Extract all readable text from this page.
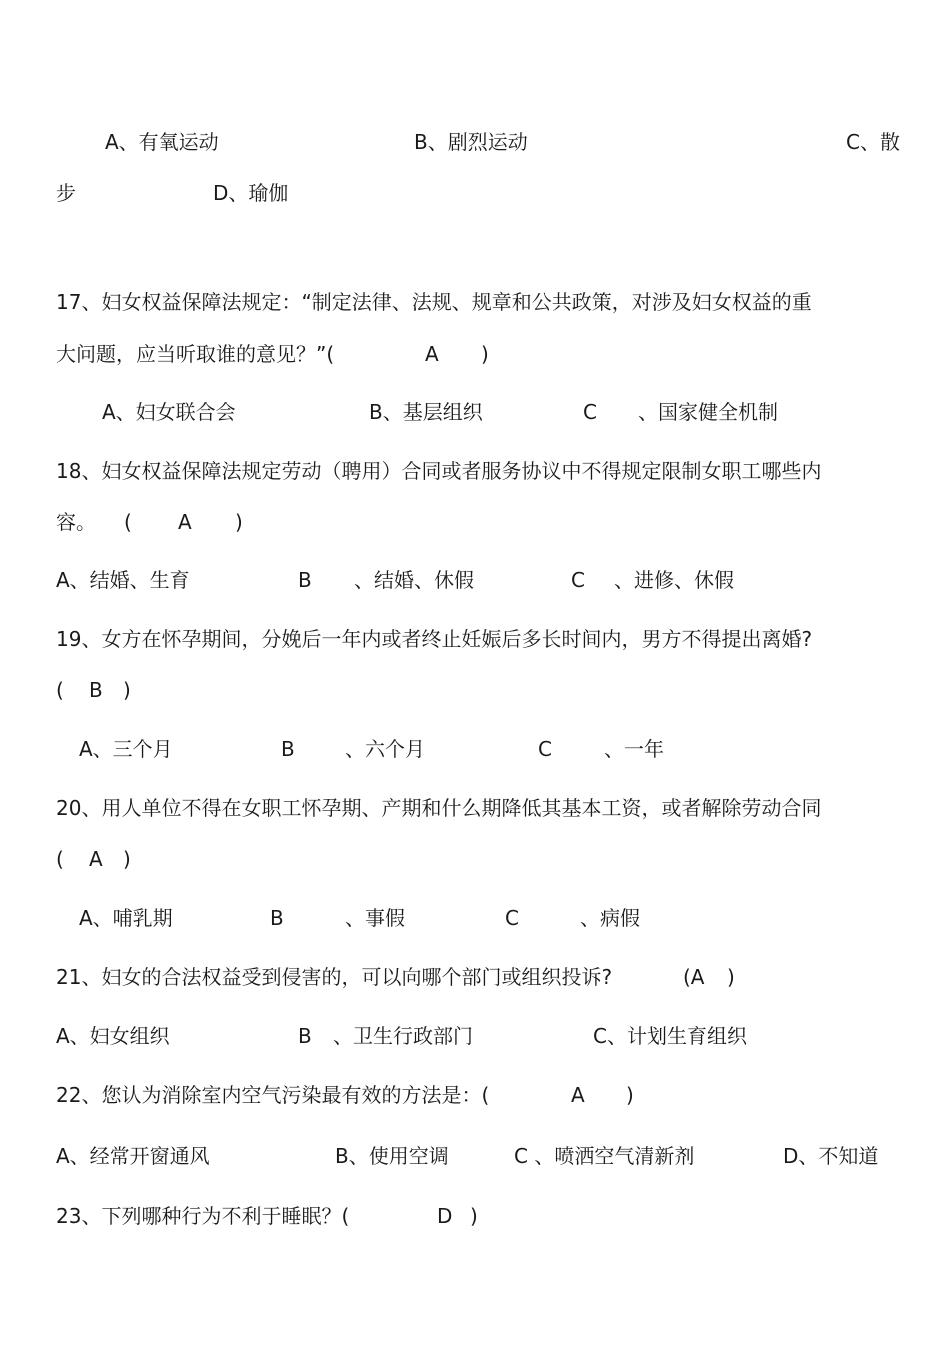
A、有氧运动	B、剧烈运动	C、散
步	D、瑜伽
17、妇女权益保障法规定：“制定法律、法规、规章和公共政策，对涉及妇女权益的重
大问题，应当听取谁的意见？”(	A )
A、妇女联合会	B、基层组织	C 、国家健全机制
18、妇女权益保障法规定劳动（聘用）合同或者服务协议中不得规定限制女职工哪些内
容。 ( A )
A、结婚、生育	B 、结婚、休假	C 、进修、休假
19、女方在怀孕期间，分娩后一年内或者终止妊娠后多长时间内，男方不得提出离婚?
( B )
A、三个月	B	、六个月	C	、一年
20、用人单位不得在女职工怀孕期、产期和什么期降低其基本工资，或者解除劳动合同
( A )
A、哺乳期	B	、事假	C	、病假
21、妇女的合法权益受到侵害的，可以向哪个部门或组织投诉?	(A )
A、妇女组织	B 、卫生行政部门	C、计划生育组织
22、您认为消除室内空气污染最有效的方法是：(	A )
A、经常开窗通风	B、使用空调	C 、喷洒空气清新剂	D、不知道
23、下列哪种行为不利于睡眠？(	D )
